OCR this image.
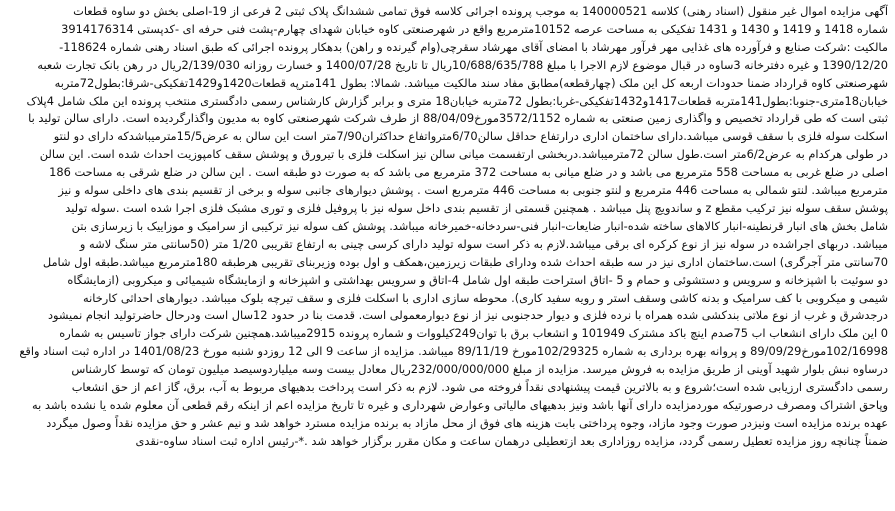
آگهی مزایده اموال غیر منقول (اسناد رهنی) کلاسه 140000521 به موجب پرونده اجرائی کلاسه فوق تمامی ششدانگ پلاک ثبتی 2 فرعی از 19-اصلی بخش دو ساوه قطعات
شماره 1418 و 1419 و 1430 و 1431 تفکیکی به مساحت عرصه 10152مترمربع واقع در شهرصنعتی کاوه خیابان شهدای چهارم-پشت فنی حرفه ای -کدپستی 3914176314
مالکیت :شرکت صنایع و فرآورده های غذایی مهر فرآور مهرشاد با امضای آقای مهرشاد سقرچی(وام گیرنده و راهن) بدهکار پرونده اجرائی که طبق اسناد رهنی شماره 118624-
1390/12/20 و غیره دفترخانه 3ساوه در قبال موضوع لازم الاجرا با مبلغ 10/688/635/788ریال تا تاریخ 1400/07/28 و خسارت روزانه 2/139/030ریال در رهن بانک تجارت شعبه
شهرصنعتی کاوه قرارداد ضمنا حدودات اربعه کل این ملک (چهارقطعه)مطابق مفاد سند مالکیت میباشد. شمالا: بطول 141مترپه قطعات1420و1429تفکیکی-شرقا:بطول72متربه
خیابان18متری-جنوبا:بطول141متربه قطعات1417و1432تفکیکی-غربا:بطول 72متربه خیابان18 متری و برابر گزارش کارشناس رسمی دادگستری منتخب پرونده این ملک شامل 4پلاک
ثبتی است که طی قرارداد تخصیص و واگذاری زمین صنعتی به شماره 3572/1152مورخ88/04/09 از طرف شرکت شهرصنعتی کاوه به مدیون واگذارگردیده است. دارای سالن تولید با
اسکلت سوله فلزی با سقف قوسی میباشد.دارای ساختمان اداری درارتفاع حداقل سالن6/70مترواتفاع حداکثران7/90متر است این سالن به عرض15/5مترمیباشدکه دارای دو لنتو
در طولی هرکدام به عرض6/2متر است.طول سالن 72مترمیباشد.دربخشی ارتفسمت میانی سالن نیز اسکلت فلزی با تیرورق و پوشش سقف کامپوزیت احداث شده است. این سالن
اصلی در ضلع غربی به مساحت 558 مترمربع می باشد و در ضلع میانی به مساحت 372 مترمربع می باشد که به صورت دو طبقه است . این سالن در ضلع شرقی به مساحت 186
مترمربع میباشد. لنتو شمالی به مساحت 446 مترمربع و لنتو جنوبی به مساحت 446 مترمربع است . پوشش دیوارهای جانبی سوله و برخی از تقسیم بندی های داخلی سوله و نیز
پوشش سقف سوله نیز ترکیب مقطع z و ساندویچ پنل میباشد . همچنین قسمتی از تقسیم بندی داخل سوله نیز با پروفیل فلزی و توری مشبک فلزی اجرا شده است .سوله تولید
شامل بخش های انبار قرنطینه-انبار کالاهای ساخته شده-انبار ضایعات-انبار فنی-سردخانه-خمیرخانه میباشد. پوشش کف سوله نیز ترکیبی از سرامیک و موزاییک با زیرسازی بتن
میباشد. دربهای اجراشده در سوله نیز از نوع کرکره ای برقی میباشد.لازم به ذکر است سوله تولید دارای کرسی چینی به ارتفاع تقریبی 1/20 متر (50سانتی متر سنگ لاشه و
70سانتی متر آجرگری) است.ساختمان اداری نیز در سه طبقه احداث شده ودارای طبقات زیرزمین،همکف و اول بوده وزیربنای تقریبی هرطبقه 180مترمربع میباشد.طبقه اول شامل
دو سوئیت با اشپزخانه و سرویس و دستشوئی و حمام و 5 -اتاق استراحت طبقه اول شامل 4-اتاق و سرویس بهداشتی و اشپزخانه و ازمایشگاه شیمیائی و میکروبی (ازمایشگاه
شیمی و میکروبی با کف سرامیک و بدنه کاشی وسقف استر و رویه سفید کاری). محوطه سازی اداری با اسکلت فلزی و سقف تیرچه بلوک میباشد. دیوارهای احداثی کارخانه
درجدشرق و غرب از نوع ملاتی بندکشی شده همراه با نرده فلزی و دیوار حدجنوبی نیز از نوع دیوارمعمولی است. قدمت بنا در حدود 12سال است ودرحال حاضرتولید انجام نمیشود
0 این ملک دارای انشعاب اب 75صدم اینچ باکد مشترک 101949 و انشعاب برق با توان249کیلووات و شماره پرونده 2915میباشد.همچنین شرکت دارای جواز تاسیس به شماره
102/16998مورخ89/09/29 و پروانه بهره برداری به شماره 102/29325مورخ 89/11/19 میباشد. مزایده از ساعت 9 الی 12 روزدو شنبه مورخ 1401/08/23 در اداره ثبت اسناد واقع
درساوه نبش بلوار شهید آوینی از طریق مزایده به فروش میرسد. مزایده از مبلغ 232/000/000/000ریال معادل بیست وسه میلیاردوسیصد میلیون تومان که توسط کارشناس
رسمی دادگستری ارزیابی شده است؛شروع و به بالاترین قیمت پیشنهادی نقداً فروخته می شود. لازم به ذکر است پرداخت بدهیهای مربوط به آب، برق، گاز اعم از حق انشعاب
وپاحق اشتراک ومصرف درصورتیکه موردمزایده دارای آنها باشد ونیز بدهیهای مالیاتی وعوارض شهرداری و غیره تا تاریخ مزایده اعم از اینکه رقم قطعی آن معلوم شده یا نشده باشد به
عهده برنده مزایده است ونیزدر صورت وجود مازاد، وجوه پرداختی بابت هزینه های فوق از محل مازاد به برنده مزایده مسترد خواهد شد و نیم عشر و حق مزایده نقداً وصول میگردد
ضمناً چنانچه روز مزایده تعطیل رسمی گردد، مزایده روزاداری بعد ازتعطیلی درهمان ساعت و مکان مقرر برگزار خواهد شد .*-رئیس اداره ثبت اسناد ساوه-نقدی
